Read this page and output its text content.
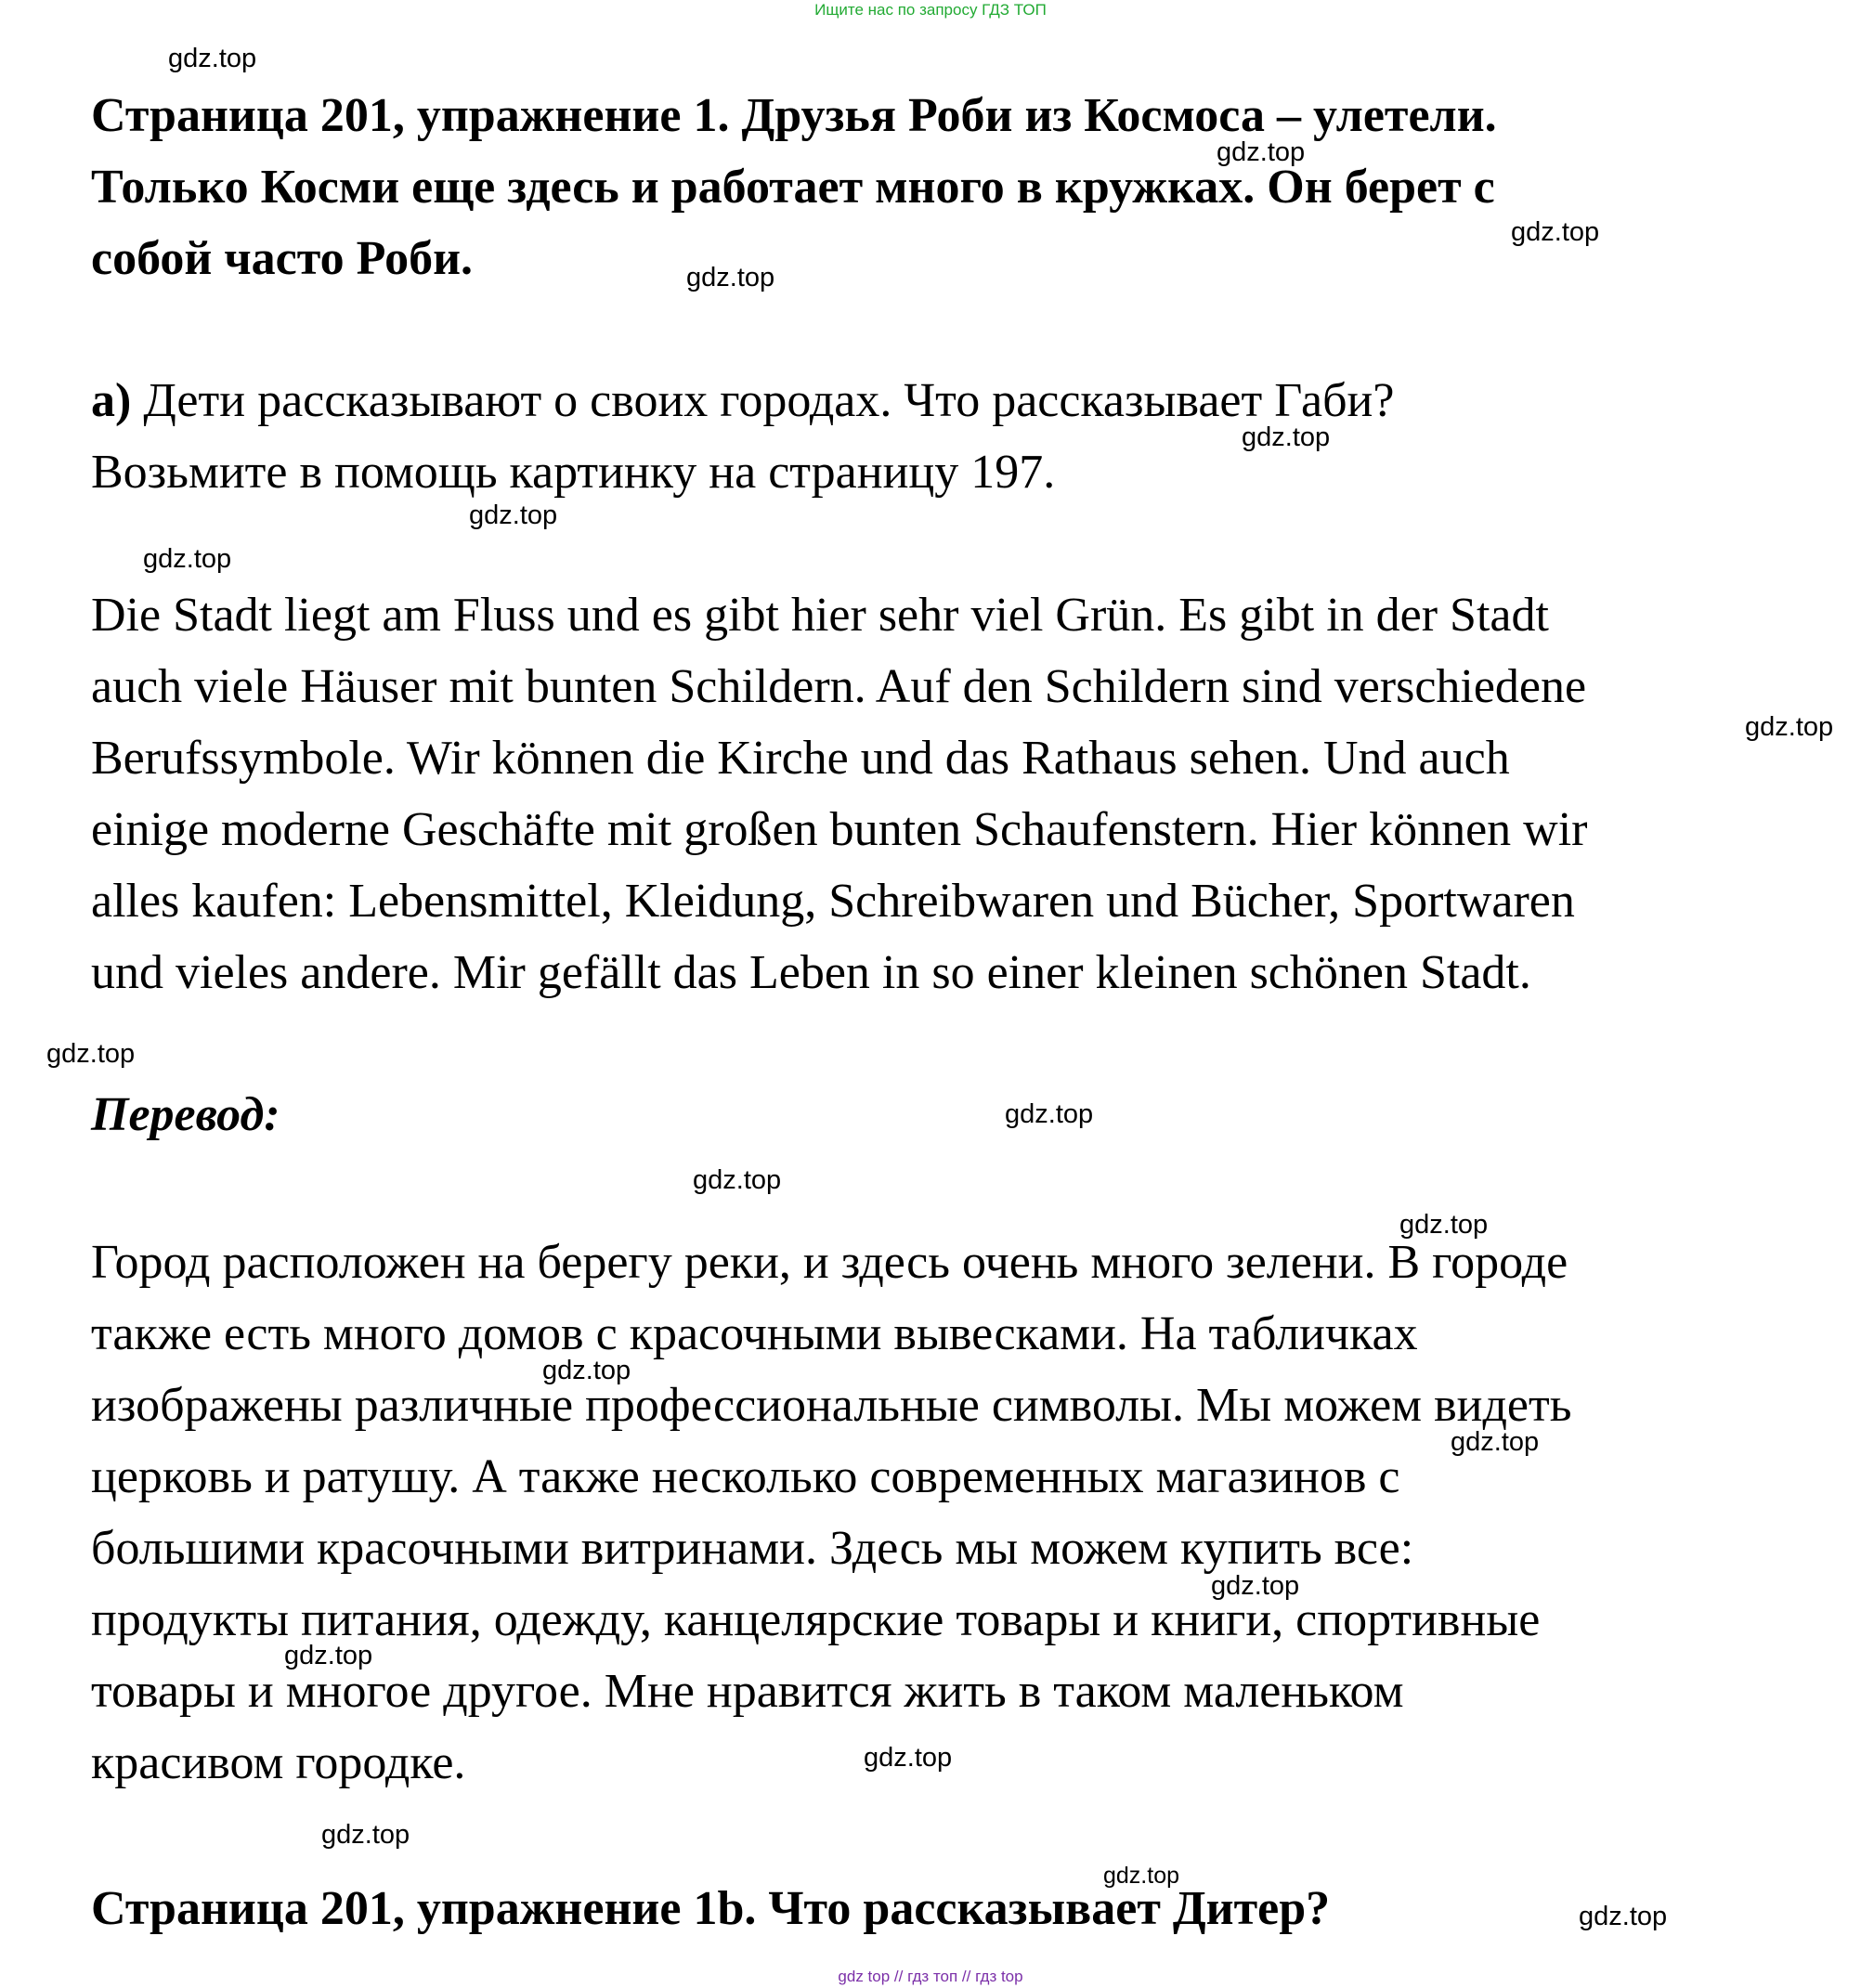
Ищите нас по запросу ГДЗ ТОП
Страница 201, упражнение 1. Друзья Роби из Космоса – улетели.
Только Косми еще здесь и работает много в кружках. Он берет с
собой часто Роби.
а) Дети рассказывают о своих городах. Что рассказывает Габи?
Возьмите в помощь картинку на страницу 197.
Die Stadt liegt am Fluss und es gibt hier sehr viel Grün. Es gibt in der Stadt
auch viele Häuser mit bunten Schildern. Auf den Schildern sind verschiedene
Berufssymbole. Wir können die Kirche und das Rathaus sehen. Und auch
einige moderne Geschäfte mit großen bunten Schaufenstern. Hier können wir
alles kaufen: Lebensmittel, Kleidung, Schreibwaren und Bücher, Sportwaren
und vieles andere. Mir gefällt das Leben in so einer kleinen schönen Stadt.
Перевод:
Город расположен на берегу реки, и здесь очень много зелени. В городе
также есть много домов с красочными вывесками. На табличках
изображены различные профессиональные символы. Мы можем видеть
церковь и ратушу. А также несколько современных магазинов с
большими красочными витринами. Здесь мы можем купить все:
продукты питания, одежду, канцелярские товары и книги, спортивные
товары и многое другое. Мне нравится жить в таком маленьком
красивом городке.
Страница 201, упражнение 1b. Что рассказывает Дитер?
gdz.top
gdz.top
gdz.top
gdz.top
gdz.top
gdz.top
gdz.top
gdz.top
gdz.top
gdz.top
gdz.top
gdz.top
gdz.top
gdz.top
gdz.top
gdz.top
gdz.top
gdz.top
gdz.top
gdz.top
gdz top // гдз топ // гдз top
